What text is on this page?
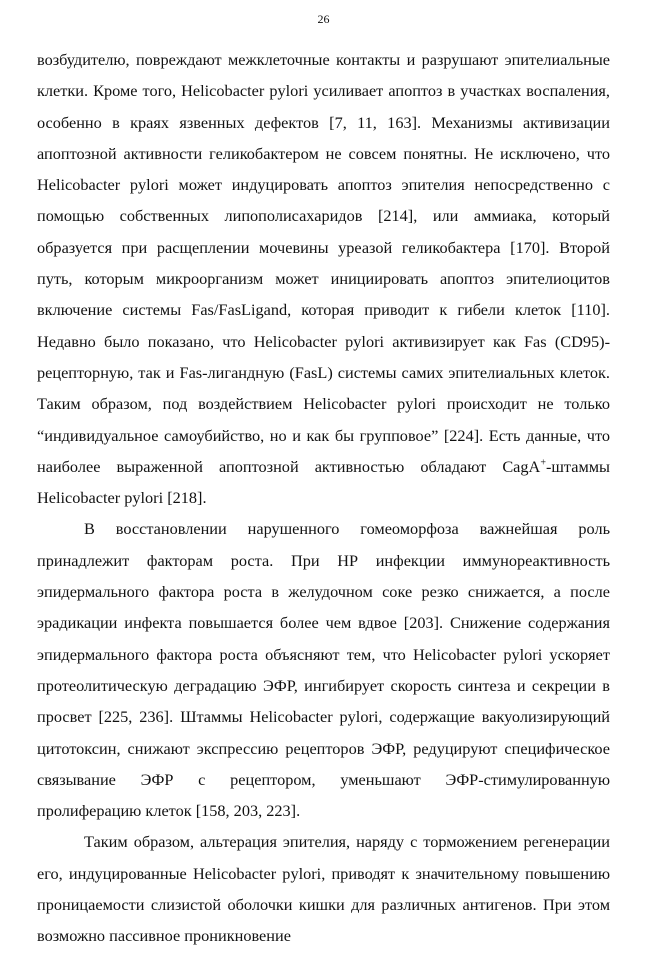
26

возбудителю, повреждают межклеточные контакты и разрушают эпителиальные клетки. Кроме того, Helicobacter pylori усиливает апоптоз в участках воспаления, особенно в краях язвенных дефектов [7, 11, 163]. Механизмы активизации апоптозной активности геликобактером не совсем понятны. Не исключено, что Helicobacter pylori может индуцировать апоптоз эпителия непосредственно с помощью собственных липополисахаридов [214], или аммиака, который образуется при расщеплении мочевины уреазой геликобактера [170]. Второй путь, которым микроорганизм может инициировать апоптоз эпителиоцитов включение системы Fas/FasLigand, которая приводит к гибели клеток [110]. Недавно было показано, что Helicobacter pylori активизирует как Fas (CD95)-рецепторную, так и Fas-лигандную (FasL) системы самих эпителиальных клеток. Таким образом, под воздействием Helicobacter pylori происходит не только “индивидуальное самоубийство, но и как бы групповое” [224]. Есть данные, что наиболее выраженной апоптозной активностью обладают CagA+-штаммы Helicobacter pylori [218].

В восстановлении нарушенного гомеоморфоза важнейшая роль принадлежит факторам роста. При НР инфекции иммунореактивность эпидермального фактора роста в желудочном соке резко снижается, а после эрадикации инфекта повышается более чем вдвое [203]. Снижение содержания эпидермального фактора роста объясняют тем, что Helicobacter pylori ускоряет протеолитическую деградацию ЭФР, ингибирует скорость синтеза и секреции в просвет [225, 236]. Штаммы Helicobacter pylori, содержащие вакуолизирующий цитотоксин, снижают экспрессию рецепторов ЭФР, редуцируют специфическое связывание ЭФР с рецептором, уменьшают ЭФР-стимулированную пролиферацию клеток [158, 203, 223].

Таким образом, альтерация эпителия, наряду с торможением регенерации его, индуцированные Helicobacter pylori, приводят к значительному повышению проницаемости слизистой оболочки кишки для различных антигенов. При этом возможно пассивное проникновение
